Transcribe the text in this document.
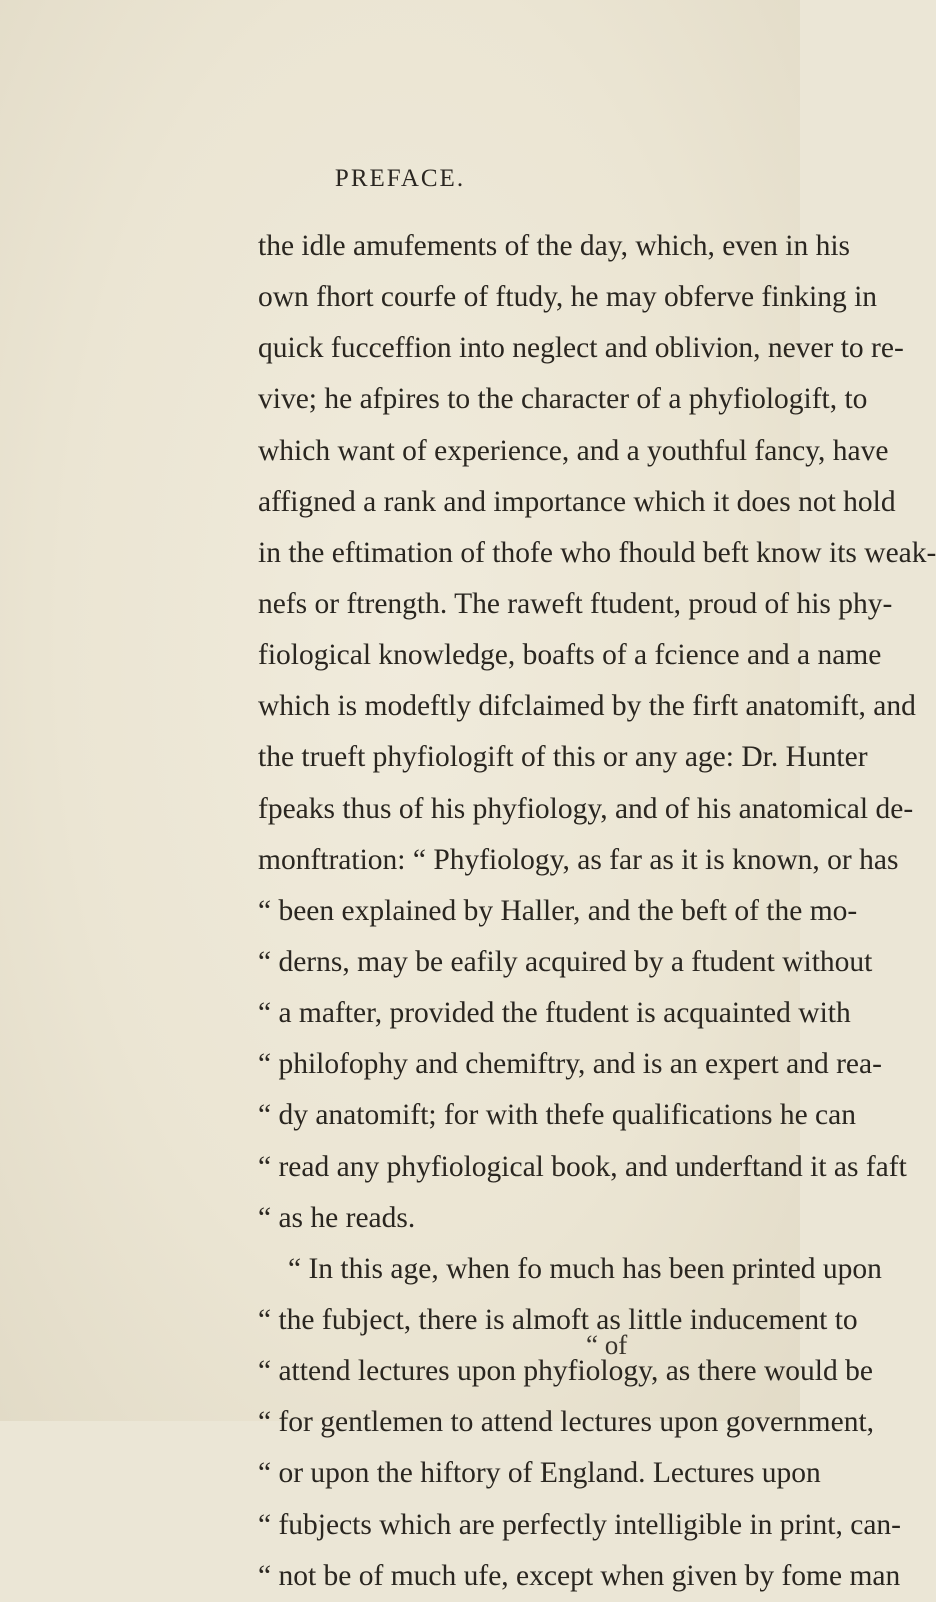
PREFACE.
the idle amufements of the day, which, even in his
own fhort courfe of ftudy, he may obferve finking in
quick fucceffion into neglect and oblivion, never to re-
vive; he afpires to the character of a phyfiologift, to
which want of experience, and a youthful fancy, have
affigned a rank and importance which it does not hold
in the eftimation of thofe who fhould beft know its weak-
nefs or ftrength. The raweft ftudent, proud of his phy-
fiological knowledge, boafts of a fcience and a name
which is modeftly difclaimed by the firft anatomift, and
the trueft phyfiologift of this or any age: Dr. Hunter
fpeaks thus of his phyfiology, and of his anatomical de-
monftration: “ Phyfiology, as far as it is known, or has
“ been explained by Haller, and the beft of the mo-
“ derns, may be eafily acquired by a ftudent without
“ a mafter, provided the ftudent is acquainted with
“ philofophy and chemiftry, and is an expert and rea-
“ dy anatomift; for with thefe qualifications he can
“ read any phyfiological book, and underftand it as faft
“ as he reads.
“ In this age, when fo much has been printed upon
“ the fubject, there is almoft as little inducement to
“ attend lectures upon phyfiology, as there would be
“ for gentlemen to attend lectures upon government,
“ or upon the hiftory of England. Lectures upon
“ fubjects which are perfectly intelligible in print, can-
“ not be of much ufe, except when given by fome man
“ of
